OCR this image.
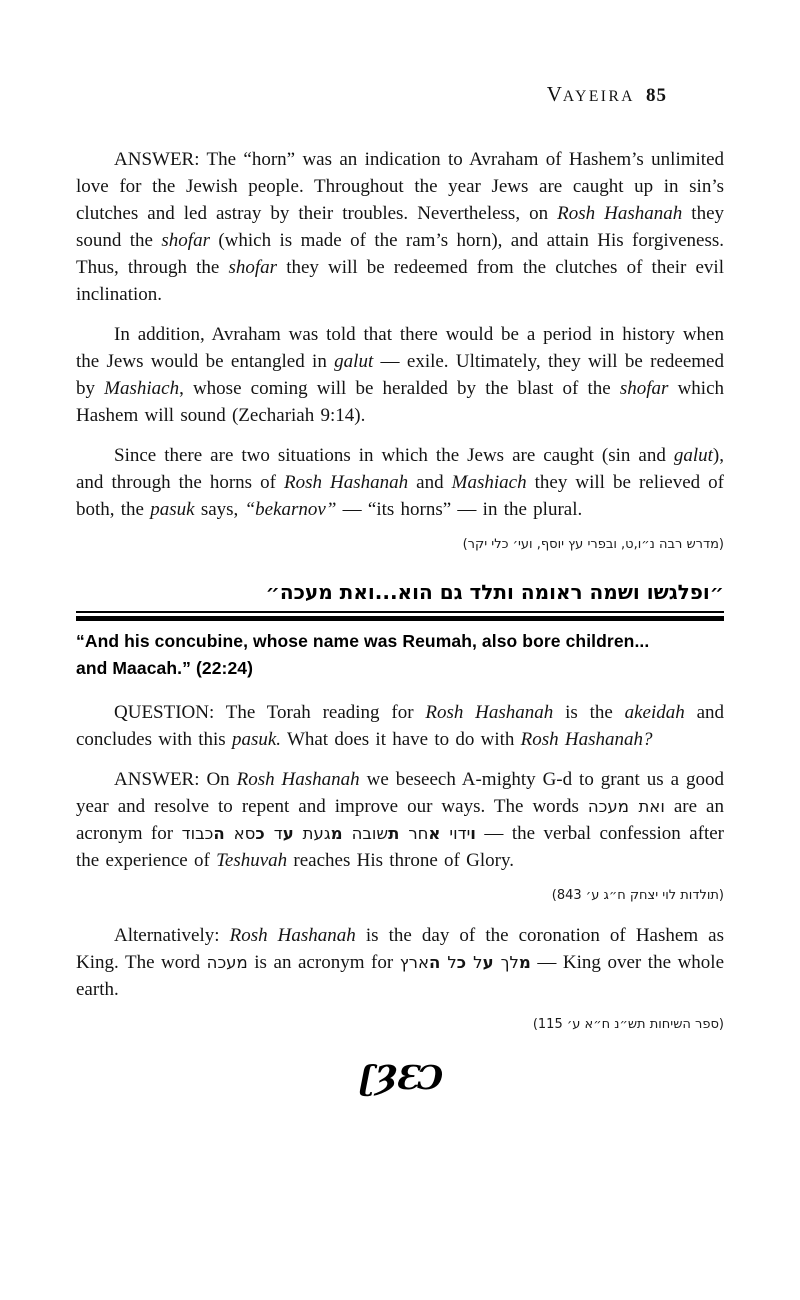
VAYEIRA 85

ANSWER: The “horn” was an indication to Avraham of Hashem’s unlimited love for the Jewish people. Throughout the year Jews are caught up in sin’s clutches and led astray by their troubles. Nevertheless, on Rosh Hashanah they sound the shofar (which is made of the ram’s horn), and attain His forgiveness. Thus, through the shofar they will be redeemed from the clutches of their evil inclination.

In addition, Avraham was told that there would be a period in history when the Jews would be entangled in galut — exile. Ultimately, they will be redeemed by Mashiach, whose coming will be heralded by the blast of the shofar which Hashem will sound (Zechariah 9:14).

Since there are two situations in which the Jews are caught (sin and galut), and through the horns of Rosh Hashanah and Mashiach they will be relieved of both, the pasuk says, “bekarnov” — “its horns” — in the plural.

(מדרש רבה נ״ו,ט, ובפרי עץ יוסף, ועי׳ כלי יקר)
״ופלגשו ושמה ראומה ותלד גם הוא...ואת מעכה״
“And his concubine, whose name was Reumah, also bore children...
and Maacah.” (22:24)

QUESTION: The Torah reading for Rosh Hashanah is the akeidah and concludes with this pasuk. What does it have to do with Rosh Hashanah?

ANSWER: On Rosh Hashanah we beseech A-mighty G-d to grant us a good year and resolve to repent and improve our ways. The words ואת מעכה are an acronym for	וידוי אחר תשובה מגעת עד כסא הכבוד	— the verbal confession after the experience of Teshuvah reaches His throne of Glory.

(תולדות לוי יצחק ח״ג ע׳ 843)

Alternatively: Rosh Hashanah is the day of the coronation of Hashem as King. The word מעכה is an acronym for	מלך על כל הארץ	— King over the whole earth.

(ספר השיחות תש״נ ח״א ע׳ 115)
ʗȜƐƆ
